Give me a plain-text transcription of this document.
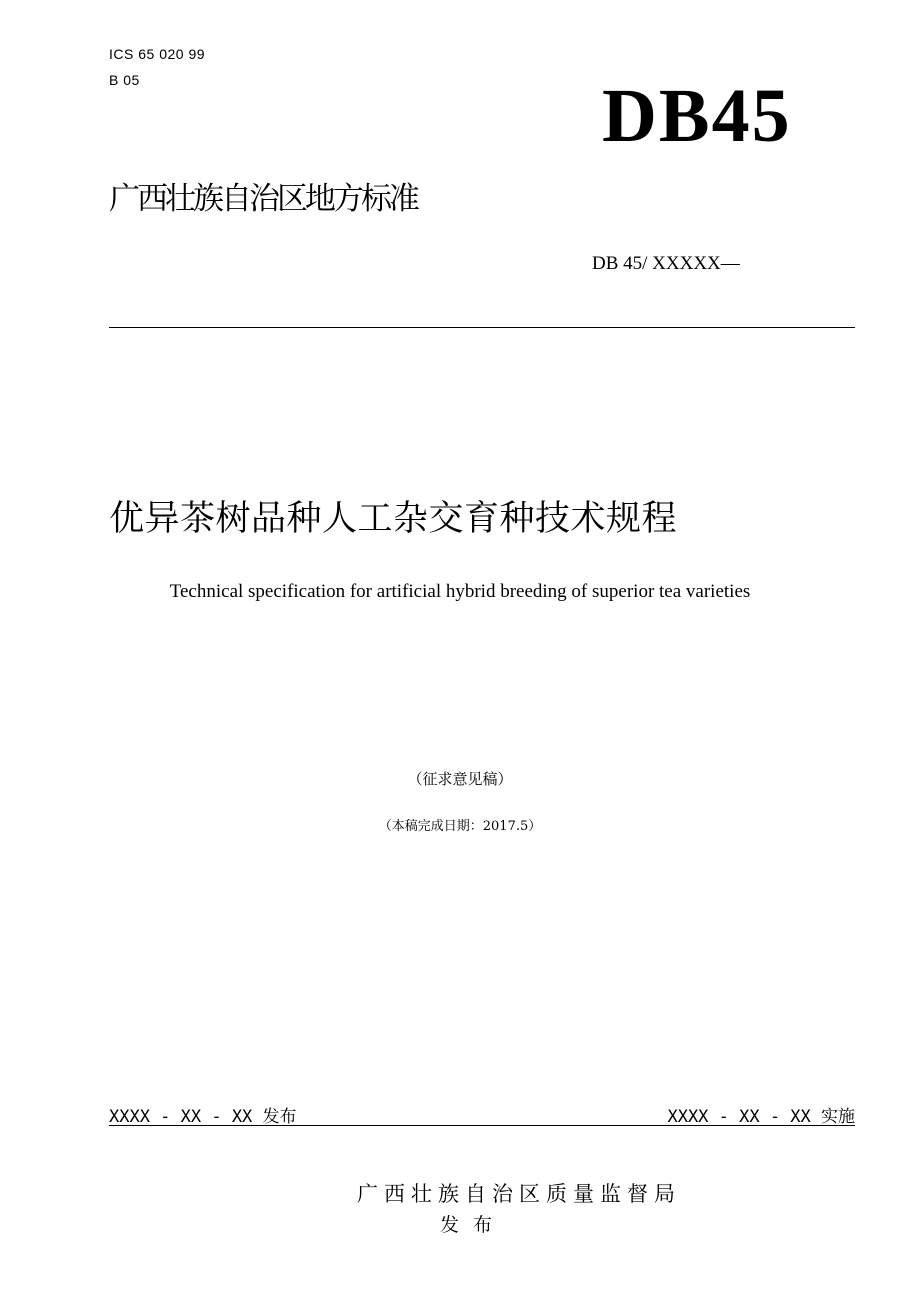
ICS 65 020 99
B 05	DB45
广西壮族自治区地方标准
DB 45/ XXXXX—
优异茶树品种人工杂交育种技术规程
Technical specification for artificial hybrid breeding of superior tea varieties
（征求意见稿）
（本稿完成日期：2017.5）
XXXX - XX - XX 发布	XXXX - XX - XX 实施
广西壮族自治区质量监督局
发布
